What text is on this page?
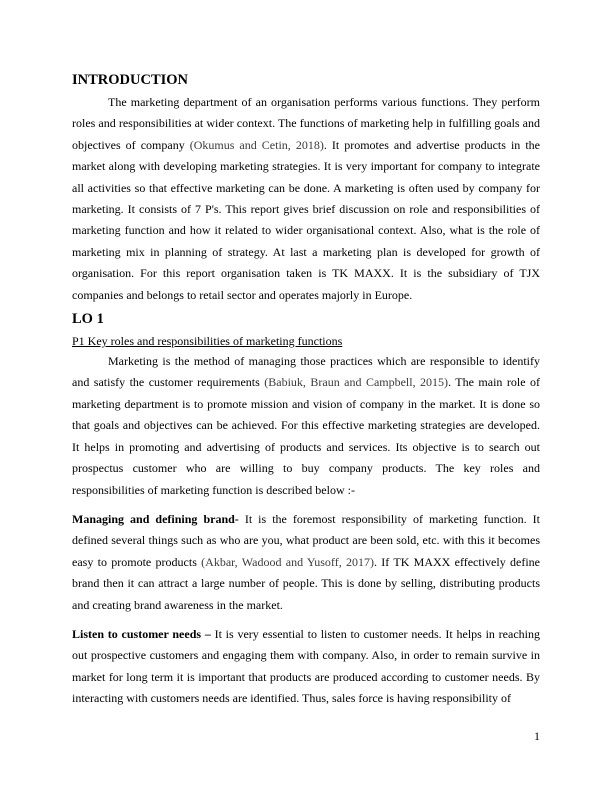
INTRODUCTION

The marketing department of an organisation performs various functions. They perform roles and responsibilities at wider context. The functions of marketing help in fulfilling goals and objectives of company (Okumus and Cetin, 2018). It promotes and advertise products in the market along with developing marketing strategies. It is very important for company to integrate all activities so that effective marketing can be done. A marketing is often used by company for marketing. It consists of 7 P's. This report gives brief discussion on role and responsibilities of marketing function and how it related to wider organisational context. Also, what is the role of marketing mix in planning of strategy. At last a marketing plan is developed for growth of organisation. For this report organisation taken is TK MAXX. It is the subsidiary of TJX companies and belongs to retail sector and operates majorly in Europe.

LO 1
P1 Key roles and responsibilities of marketing functions

Marketing is the method of managing those practices which are responsible to identify and satisfy the customer requirements (Babiuk, Braun and Campbell, 2015). The main role of marketing department is to promote mission and vision of company in the market. It is done so that goals and objectives can be achieved. For this effective marketing strategies are developed. It helps in promoting and advertising of products and services. Its objective is to search out prospectus customer who are willing to buy company products. The key roles and responsibilities of marketing function is described below :-

Managing and defining brand- It is the foremost responsibility of marketing function. It defined several things such as who are you, what product are been sold, etc. with this it becomes easy to promote products (Akbar, Wadood and Yusoff, 2017). If TK MAXX effectively define brand then it can attract a large number of people. This is done by selling, distributing products and creating brand awareness in the market.

Listen to customer needs – It is very essential to listen to customer needs. It helps in reaching out prospective customers and engaging them with company. Also, in order to remain survive in market for long term it is important that products are produced according to customer needs. By interacting with customers needs are identified. Thus, sales force is having responsibility of

1
